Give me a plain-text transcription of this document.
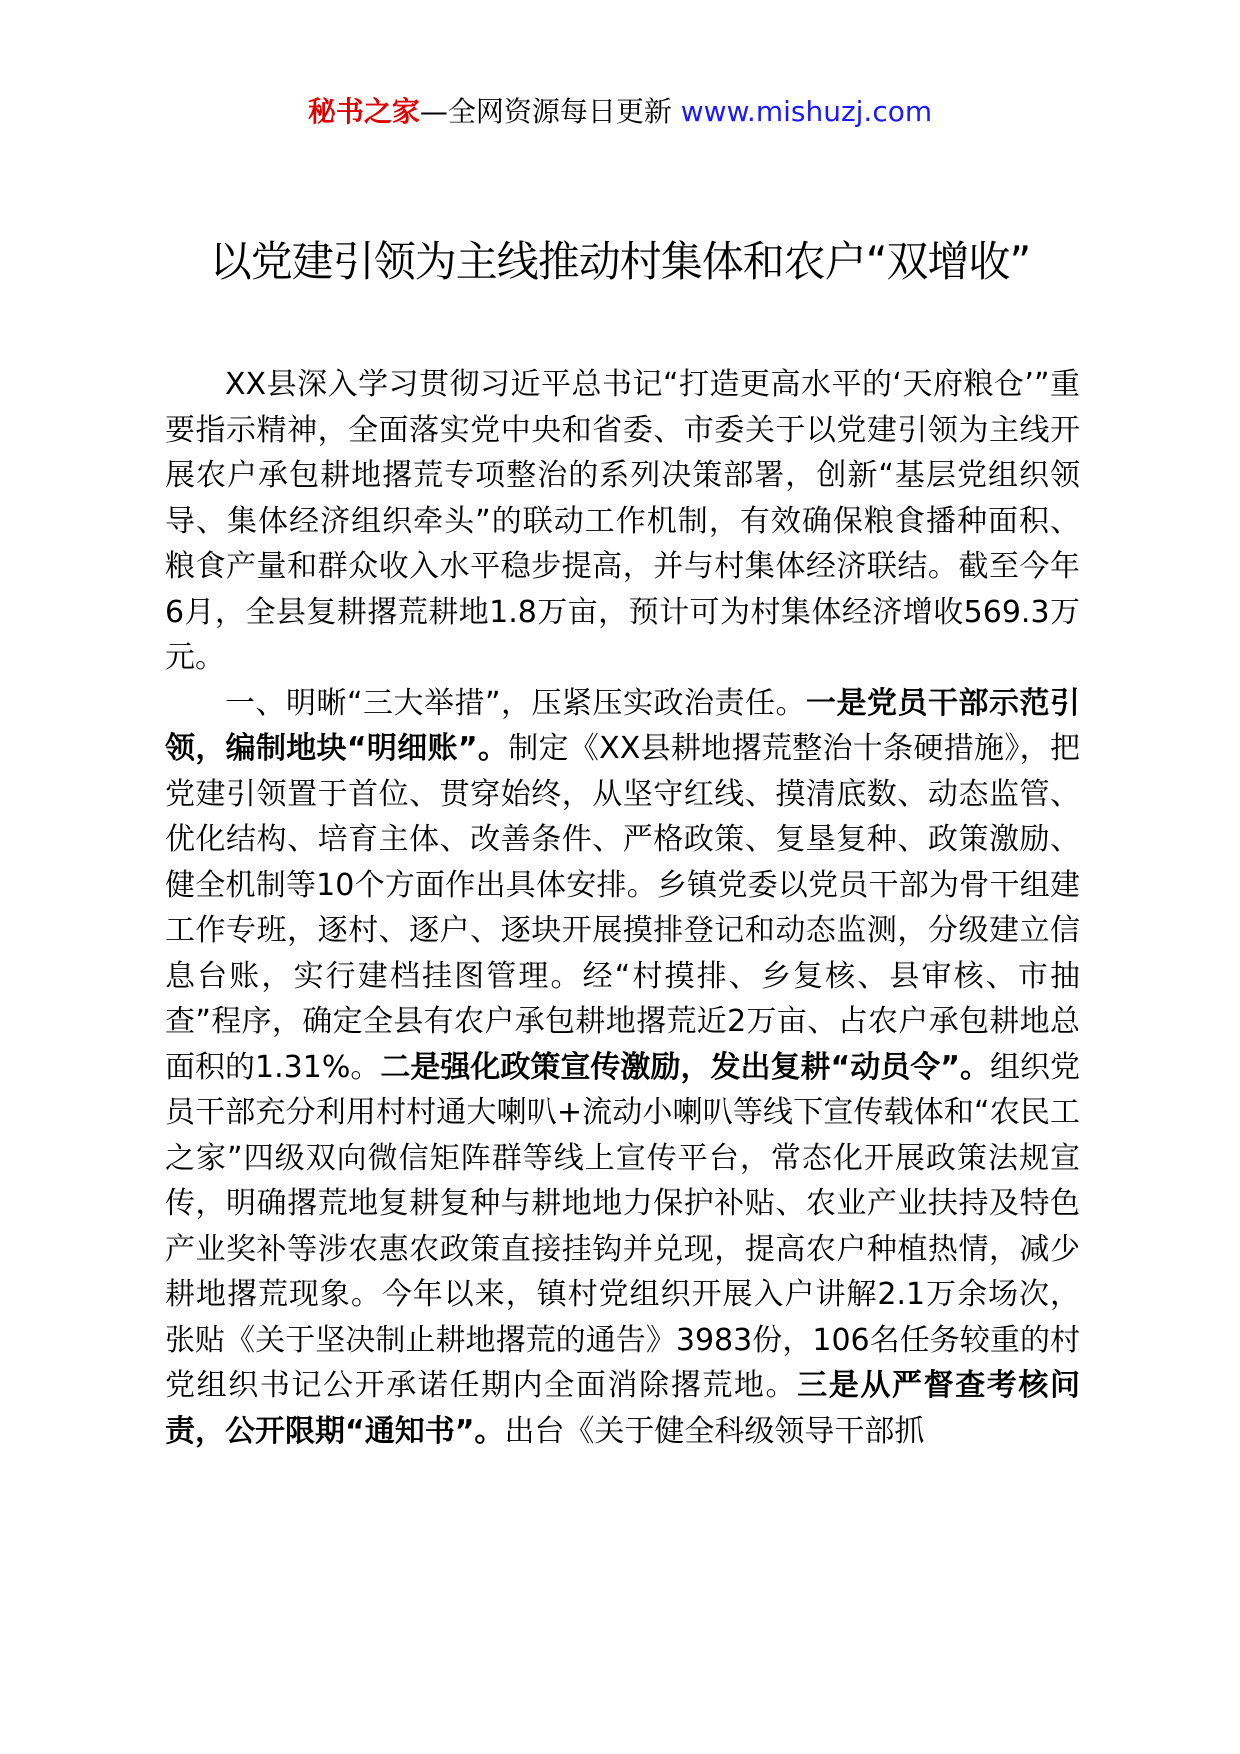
秘书之家—全网资源每日更新 www.mishuzj.com
以党建引领为主线推动村集体和农户“双增收”

XX县深入学习贯彻习近平总书记“打造更高水平的‘天府粮仓’”重要指示精神，全面落实党中央和省委、市委关于以党建引领为主线开展农户承包耕地撂荒专项整治的系列决策部署，创新“基层党组织领导、集体经济组织牵头”的联动工作机制，有效确保粮食播种面积、粮食产量和群众收入水平稳步提高，并与村集体经济联结。截至今年6月，全县复耕撂荒耕地1.8万亩，预计可为村集体经济增收569.3万元。

一、明晰“三大举措”，压紧压实政治责任。一是党员干部示范引领，编制地块“明细账”。制定《XX县耕地撂荒整治十条硬措施》，把党建引领置于首位、贯穿始终，从坚守红线、摸清底数、动态监管、优化结构、培育主体、改善条件、严格政策、复垦复种、政策激励、健全机制等10个方面作出具体安排。乡镇党委以党员干部为骨干组建工作专班，逐村、逐户、逐块开展摸排登记和动态监测，分级建立信息台账，实行建档挂图管理。经“村摸排、乡复核、县审核、市抽查”程序，确定全县有农户承包耕地撂荒近2万亩、占农户承包耕地总面积的1.31%。二是强化政策宣传激励，发出复耕“动员令”。组织党员干部充分利用村村通大喇叭+流动小喇叭等线下宣传载体和“农民工之家”四级双向微信矩阵群等线上宣传平台，常态化开展政策法规宣传，明确撂荒地复耕复种与耕地地力保护补贴、农业产业扶持及特色产业奖补等涉农惠农政策直接挂钩并兑现，提高农户种植热情，减少耕地撂荒现象。今年以来，镇村党组织开展入户讲解2.1万余场次，张贴《关于坚决制止耕地撂荒的通告》3983份，106名任务较重的村党组织书记公开承诺任期内全面消除撂荒地。三是从严督查考核问责，公开限期“通知书”。出台《关于健全科级领导干部抓
